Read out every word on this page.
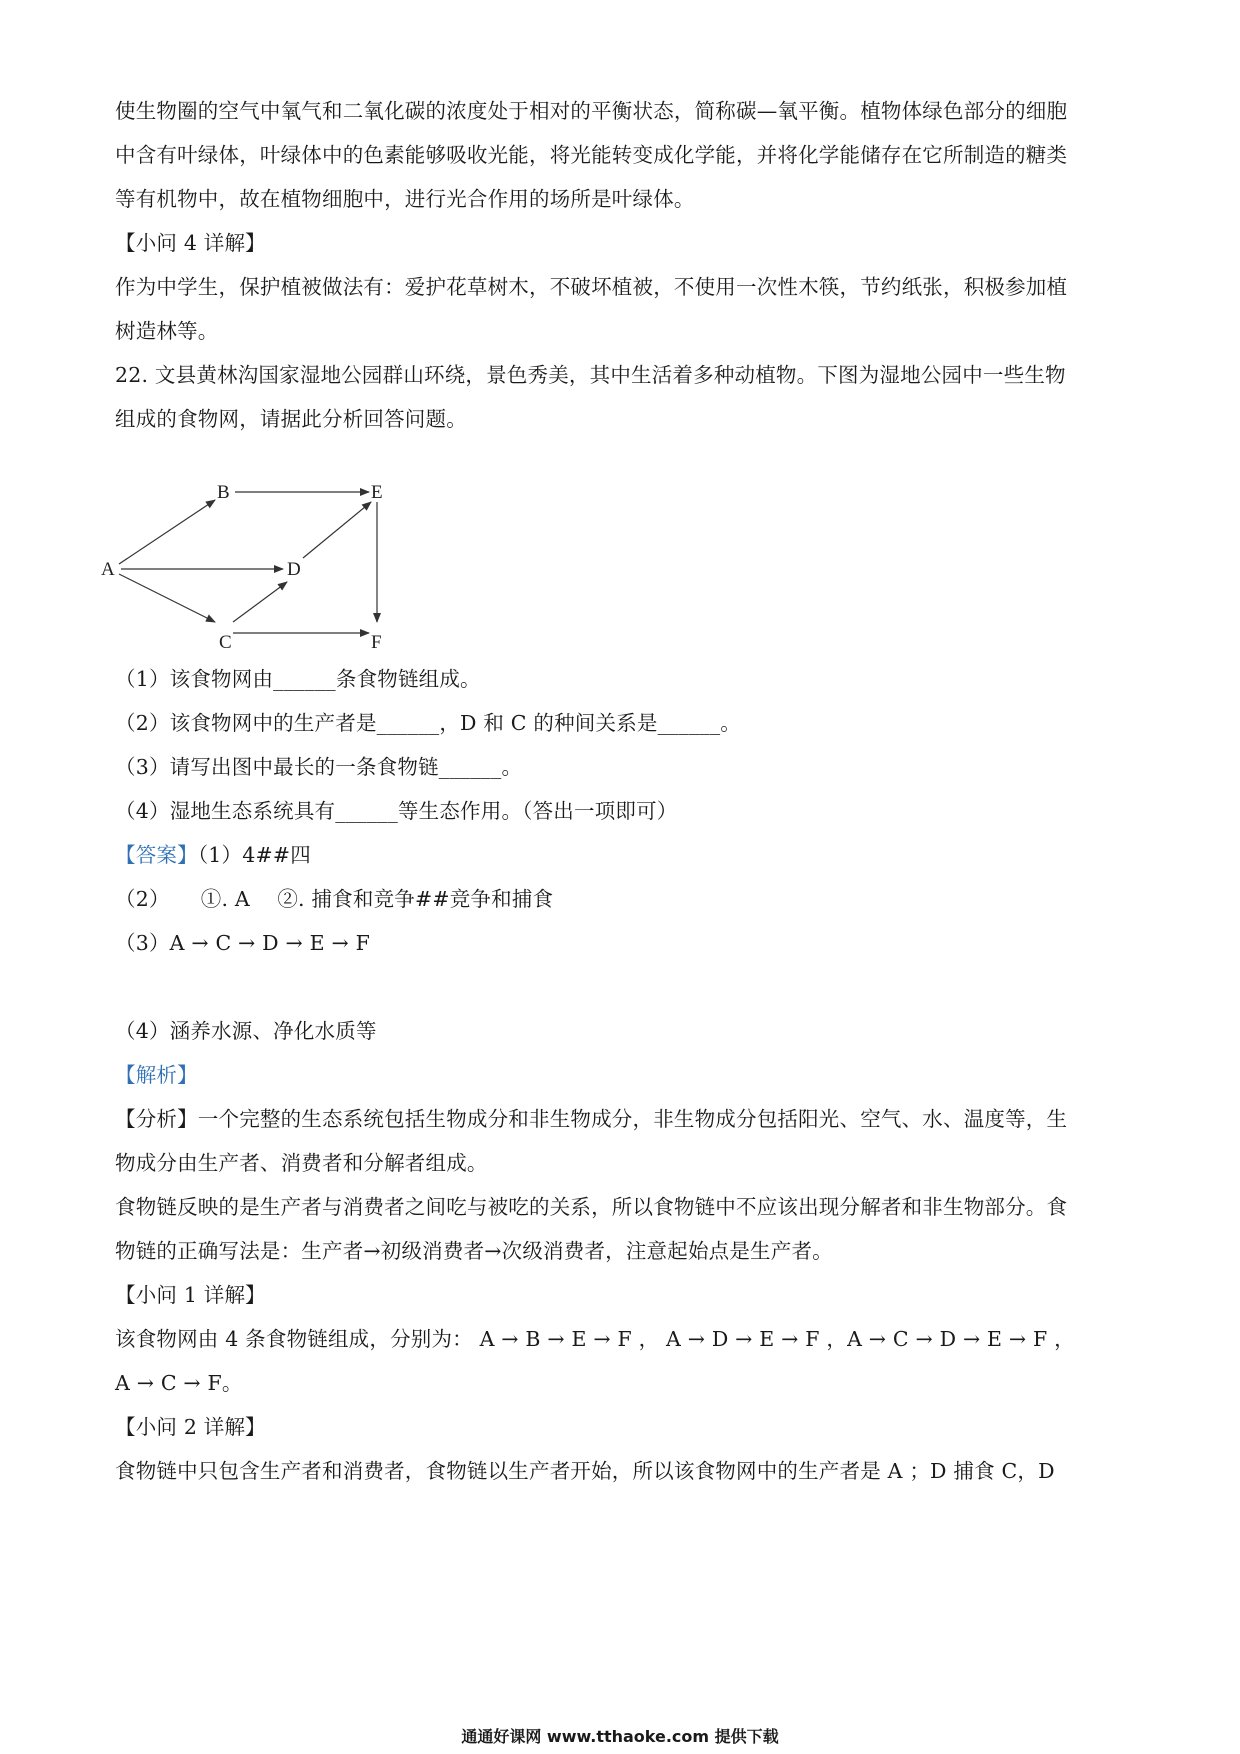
使生物圈的空气中氧气和二氧化碳的浓度处于相对的平衡状态，简称碳—氧平衡。植物体绿色部分的细胞
中含有叶绿体，叶绿体中的色素能够吸收光能，将光能转变成化学能，并将化学能储存在它所制造的糖类
等有机物中，故在植物细胞中，进行光合作用的场所是叶绿体。
【小问 4 详解】
作为中学生，保护植被做法有：爱护花草树木，不破坏植被，不使用一次性木筷，节约纸张，积极参加植
树造林等。
22. 文县黄林沟国家湿地公园群山环绕，景色秀美，其中生活着多种动植物。下图为湿地公园中一些生物
组成的食物网，请据此分析回答问题。
A
B
C
D
E
F
（1）该食物网由______条食物链组成。
（2）该食物网中的生产者是______，D 和 C 的种间关系是______。
（3）请写出图中最长的一条食物链______。
（4）湿地生态系统具有______等生态作用。（答出一项即可）
【答案】（1）4##四
（2）　　①. A　 ②. 捕食和竞争##竞争和捕食
（3）A → C → D → E → F
（4）涵养水源、净化水质等
【解析】
【分析】一个完整的生态系统包括生物成分和非生物成分，非生物成分包括阳光、空气、水、温度等，生
物成分由生产者、消费者和分解者组成。
食物链反映的是生产者与消费者之间吃与被吃的关系，所以食物链中不应该出现分解者和非生物部分。食
物链的正确写法是：生产者→初级消费者→次级消费者，注意起始点是生产者。
【小问 1 详解】
该食物网由 4 条食物链组成，分别为： A → B → E → F ， A → D → E → F ，A → C → D → E → F ，
A → C → F。
【小问 2 详解】
食物链中只包含生产者和消费者，食物链以生产者开始，所以该食物网中的生产者是 A ；D 捕食 C，D
通通好课网 www.tthaoke.com 提供下载
